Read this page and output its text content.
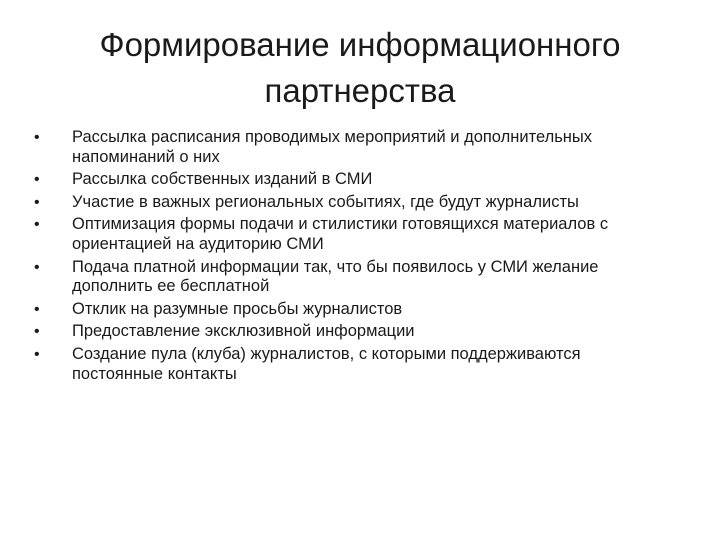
Формирование информационного
партнерства
•	Рассылка расписания проводимых мероприятий и дополнительных напоминаний о них
•	Рассылка собственных изданий в СМИ
•	Участие в важных региональных событиях, где будут журналисты
•	Оптимизация формы подачи и стилистики готовящихся материалов с ориентацией на аудиторию СМИ
•	Подача платной информации так, что бы появилось у СМИ желание дополнить ее бесплатной
•	Отклик на разумные просьбы журналистов
•	Предоставление эксклюзивной информации
•	Создание пула (клуба) журналистов, с которыми поддерживаются постоянные контакты
